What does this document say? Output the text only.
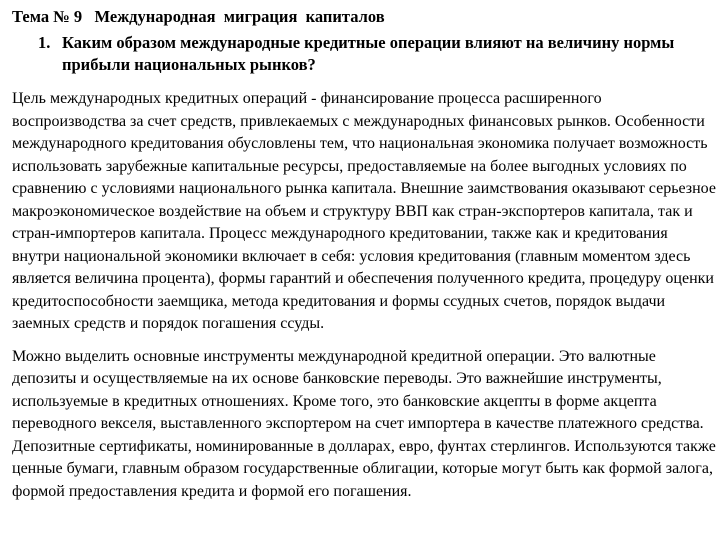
Тема № 9   Международная  миграция  капиталов
1. Каким образом международные кредитные операции влияют на величину нормы прибыли национальных рынков?

Цель международных кредитных операций - финансирование процесса расширенного воспроизводства за счет средств, привлекаемых с международных финансовых рынков. Особенности международного кредитования обусловлены тем, что национальная экономика получает возможность использовать зарубежные капитальные ресурсы, предоставляемые на более выгодных условиях по сравнению с условиями национального рынка капитала. Внешние заимствования оказывают серьезное макроэкономическое воздействие на объем и структуру ВВП как стран-экспортеров капитала, так и стран-импортеров капитала. Процесс международного кредитовании, также как и кредитования внутри национальной экономики включает в себя: условия кредитования (главным моментом здесь является величина процента), формы гарантий и обеспечения полученного кредита, процедуру оценки кредитоспособности заемщика, метода кредитования и формы ссудных счетов, порядок выдачи заемных средств и порядок погашения ссуды.

Можно выделить основные инструменты международной кредитной операции. Это валютные депозиты и осуществляемые на их основе банковские переводы. Это важнейшие инструменты, используемые в кредитных отношениях. Кроме того, это банковские акцепты в форме акцепта переводного векселя, выставленного экспортером на счет импортера в качестве платежного средства. Депозитные сертификаты, номинированные в долларах, евро, фунтах стерлингов. Используются также ценные бумаги, главным образом государственные облигации, которые могут быть как формой залога, формой предоставления кредита и формой его погашения.
